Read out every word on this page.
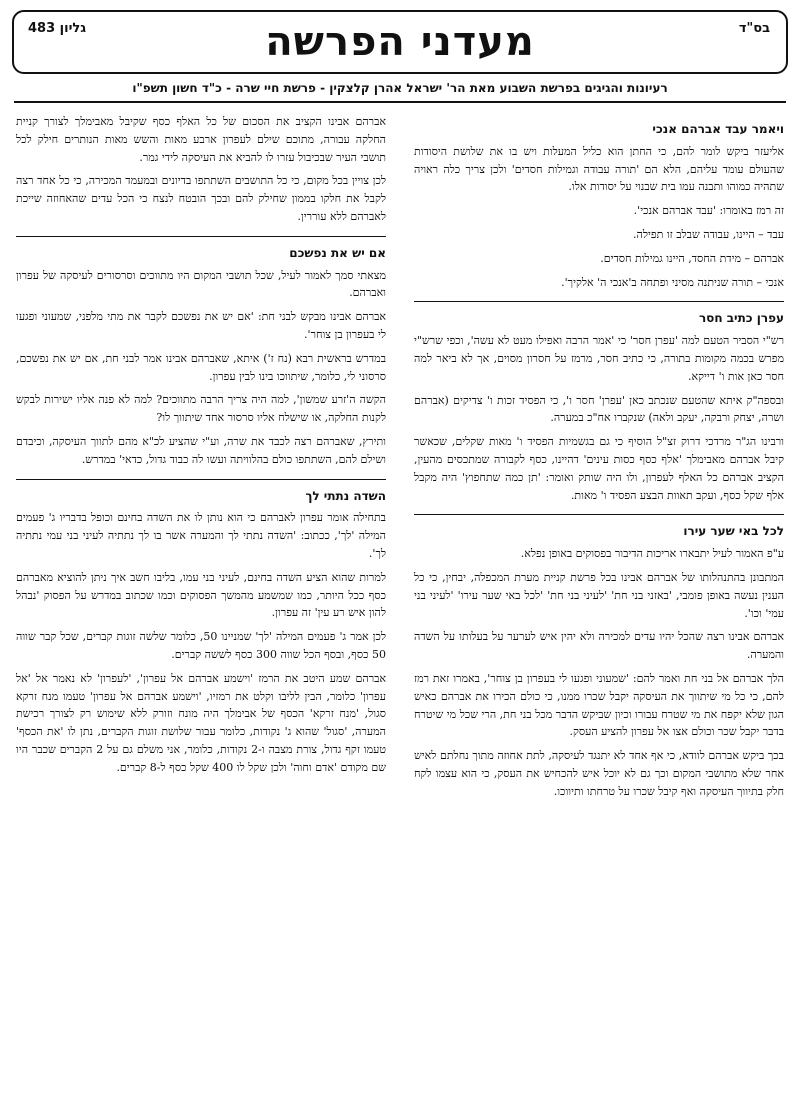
בס"ד
מעדני הפרשה
גליון 483
רעיונות והגיגים בפרשת השבוע מאת הר' ישראל אהרן קלצקין - פרשת חיי שרה - כ"ד חשון תשפ"ו
ויאמר עבד אברהם אנכי

אליעזר ביקש לומר להם, כי החתן הוא כליל המעלות ויש בו את שלושת היסודות שהעולם עומד עליהם, הלא הם 'תורה עבודה וגמילות חסדים' ולכן צריך כלה ראויה שתהיה כמוהו ותבנה עמו בית שבנוי על יסודות אלו.

זה רמז באומרו: 'עבד אברהם אנכי'.

עבד – היינו, עבודה שבלב זו תפילה.

אברהם – מידת החסד, היינו גמילות חסדים.

אנכי – תורה שניתנה מסיני ופתחה ב'אנכי ה' אלקיך'.

עפרן כתיב חסר

רש"י הסביר הטעם למה 'עפרן חסר' כי 'אמר הרבה ואפילו מעט לא עשה', וכפי שרש"י מפרש בכמה מקומות בתורה, כי כתיב חסר, מרמז על חסרון מסוים, אך לא ביאר למה חסר כאן אות ו' דייקא.

ובספה"ק איתא שהטעם שנכתב כאן 'עפרן' חסר ו', כי הפסיד זכות ו' צדיקים (אברהם ושרה, יצחק ורבקה, יעקב ולאה) שנקברו אח"כ במערה.

ורבינו הג"ר מרדכי דרוק זצ"ל הוסיף כי גם בגשמיות הפסיד ו' מאות שקלים, שכאשר קיבל אברהם מאבימלך 'אלף כסף כסות עינים' דהיינו, כסף לקבורה שמתכסים מהעין, הקציב אברהם כל האלף לעפרון, ולו היה שותק ואומר: 'תן כמה שתחפוץ' היה מקבל אלף שקל כסף, ועקב תאוות הבצע הפסיד ו' מאות.

לכל באי שער עירו

ע"פ האמור לעיל יתבארו אריכות הדיבור בפסוקים באופן נפלא.

המתבונן בהתנהלותו של אברהם אבינו בכל פרשת קניית מערת המכפלה, יבחין, כי כל הענין נעשה באופן פומבי, 'באזני בני חת' 'לעיני בני חת' 'לכל באי שער עירו' 'לעיני בני עמי' וכו'.

אברהם אבינו רצה שהכל יהיו עדים למכירה ולא יהין איש לערער על בעלותו על השדה והמערה.

הלך אברהם אל בני חת ואמר להם: 'שמעוני ופגעו לי בעפרון בן צוחר', באמרו זאת רמז להם, כי כל מי שיתווך את העיסקה יקבל שכרו ממנו, כי כולם הכירו את אברהם כאיש הגון שלא יקפח את מי שטרח עבורו וכיון שביקש הדבר מכל בני חת, הרי שכל מי שיטרח בדבר יקבל שכר וכולם אצו אל עפרון להציע העסק.

בכך ביקש אברהם לוודא, כי אף אחד לא יתנגד לעיסקה, לתת אחוזה מתוך נחלתם לאיש אחר שלא מתושבי המקום וכך גם לא יוכל איש להכחיש את העסק, כי הוא עצמו לקח חלק בתיווך העיסקה ואף קיבל שכרו על טרחתו ותיווכו.

אברהם אבינו הקציב את הסכום של כל האלף כסף שקיבל מאבימלך לצורך קניית החלקה עבורה, מתוכם שילם לעפרון ארבע מאות והשש מאות הנותרים חילק לכל תושבי העיר שבכיבול עזרו לו להביא את העיסקה לידי גמר.

לכן צויין בכל מקום, כי כל התושבים השתתפו בדיונים ובמעמד המכירה, כי כל אחד רצה לקבל את חלקו בממון שחילק להם ובכך הובטח לנצח כי הכל עדים שהאחוזה שייכת לאברהם ללא עוררין.

אם יש את נפשכם

מצאתי סמך לאמור לעיל, שכל תושבי המקום היו מתווכים וסרסורים לעיסקה של עפרון ואברהם.

אברהם אבינו מבקש לבני חת: 'אם יש את נפשכם לקבר את מתי מלפני, שמעוני ופגעו לי בעפרון בן צוחר'.

במדרש בראשית רבא (נח ז') איתא, שאברהם אבינו אמר לבני חת, אם יש את נפשכם, סרסוני לי, כלומר, שיתווכו בינו לבין עפרון.

הקשה ה'זרע שמשון', למה היה צריך הרבה מתווכים? למה לא פנה אליו ישירות לבקש לקנות החלקה, או שישלח אליו סרסור אחד שיתווך לו?

ותירץ, שאברהם רצה לכבד את שרה, וע"י שהציע לכ"א מהם לתווך העיסקה, וכיבדם ושילם להם, השתתפו כולם בהלוויתה ועשו לה כבוד גדול, כדאי' במדרש.

השדה נתתי לך

בתחילה אומר עפרון לאברהם כי הוא נותן לו את השדה בחינם וכופל בדבריו ג' פעמים המילה 'לך', ככתוב: 'השדה נתתי לך והמערה אשר בו לך נתתיה לעיני בני עמי נתתיה לך'.

למרות שהוא הציע השדה בחינם, לעיני בני עמו, בליבו חשב איך ניתן להוציא מאברהם כסף ככל היותר, כמו שמשמע מהמשך הפסוקים וכמו שכתוב במדרש על הפסוק 'נבהל להון איש רע עין' זה עפרון.

לכן אמר ג' פעמים המילה 'לך' שמניינו 50, כלומר שלשה זוגות קברים, שכל קבר שווה 50 כסף, ובסף הכל שווה 300 כסף לששה קברים.

אברהם שמע היטב את הרמז 'וישמע אברהם אל עפרון', 'לעפרון' לא נאמר אל 'אל עפרון' כלומר, הבין לליבו וקלט את רמזיו, 'וישמע אברהם אל עפרון' טעמו מנח זרקא סגול, 'מנח זרקא' הכסף של אבימלך היה מונח וזורק ללא שימוש רק לצורך רכישת המערה, 'סגול' שהוא ג' נקודות, כלומר עבור שלושת זוגות הקברים, נתן לו 'את הכסף' טעמו זקף גדול, צורת מצבה ו-2 נקודות, כלומר, אני משלם גם על 2 הקברים שכבר היו שם מקודם 'אדם וחוה' ולכן שקל לו 400 שקל כסף ל-8 קברים.
